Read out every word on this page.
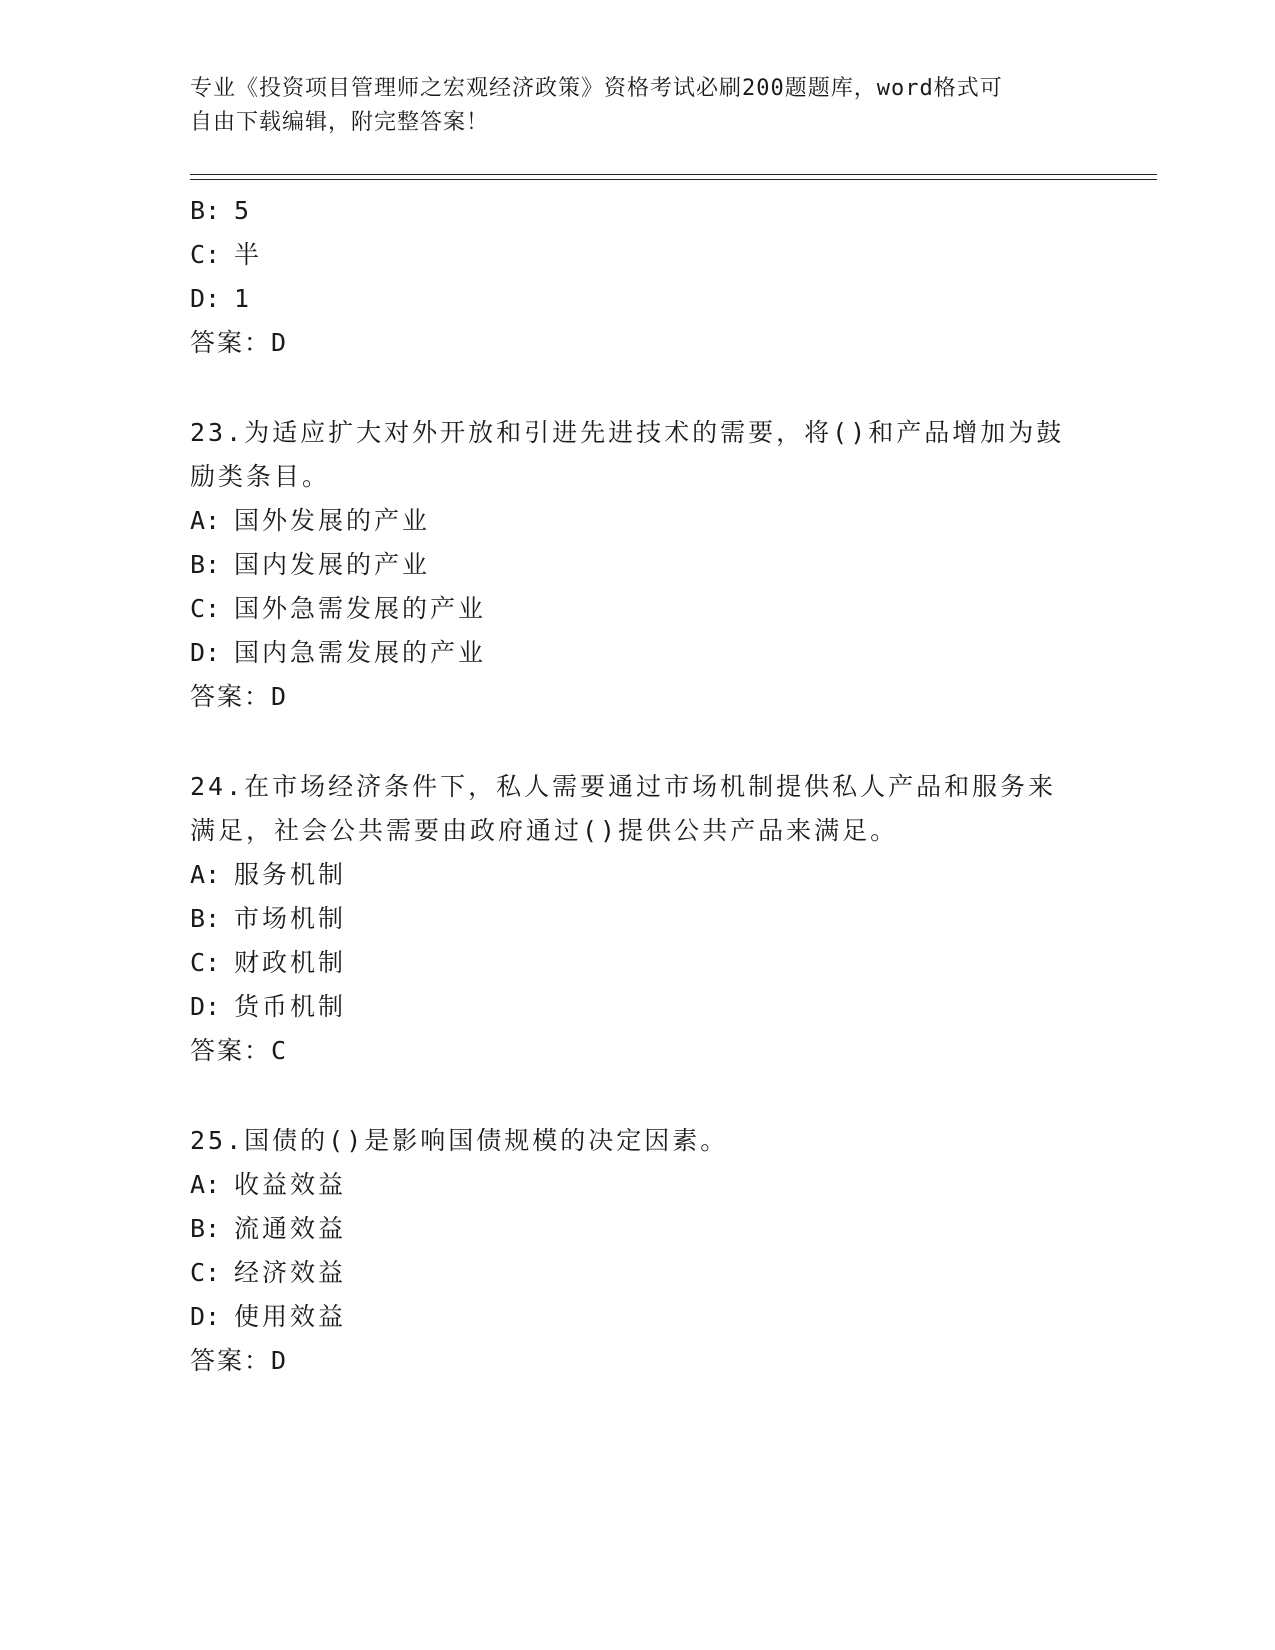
专业《投资项目管理师之宏观经济政策》资格考试必刷200题题库，word格式可
自由下载编辑，附完整答案！
B: 5
C: 半
D: 1
答案：D
23.为适应扩大对外开放和引进先进技术的需要，将()和产品增加为鼓
励类条目。
A: 国外发展的产业
B: 国内发展的产业
C: 国外急需发展的产业
D: 国内急需发展的产业
答案：D
24.在市场经济条件下，私人需要通过市场机制提供私人产品和服务来
满足，社会公共需要由政府通过()提供公共产品来满足。
A: 服务机制
B: 市场机制
C: 财政机制
D: 货币机制
答案：C
25.国债的()是影响国债规模的决定因素。
A: 收益效益
B: 流通效益
C: 经济效益
D: 使用效益
答案：D
